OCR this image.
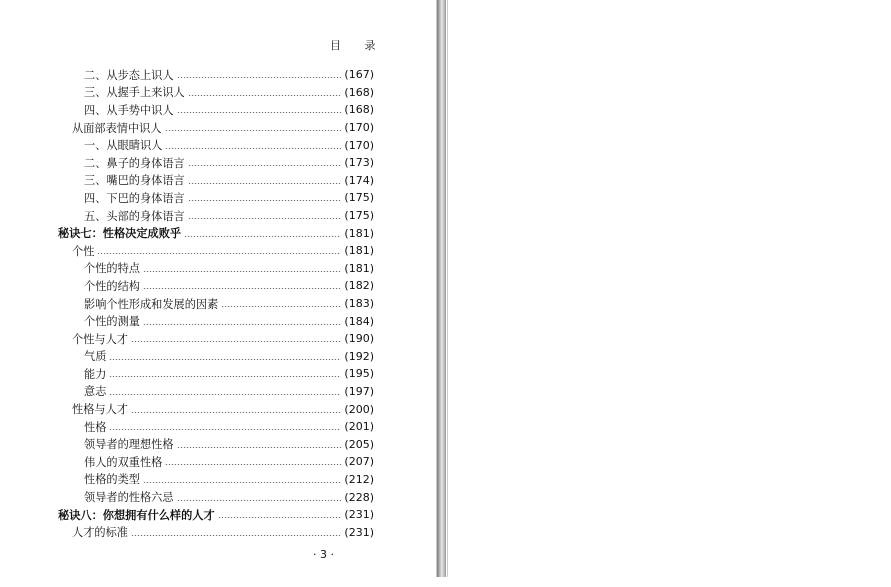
目 录
二、从步态上识人	(167)
三、从握手上来识人	(168)
四、从手势中识人	(168)
从面部表情中识人	(170)
一、从眼睛识人	(170)
二、鼻子的身体语言	(173)
三、嘴巴的身体语言	(174)
四、下巴的身体语言	(175)
五、头部的身体语言	(175)
秘诀七：性格决定成败乎	(181)
个性	(181)
个性的特点	(181)
个性的结构	(182)
影响个性形成和发展的因素	(183)
个性的测量	(184)
个性与人才	(190)
气质	(192)
能力	(195)
意志	(197)
性格与人才	(200)
性格	(201)
领导者的理想性格	(205)
伟人的双重性格	(207)
性格的类型	(212)
领导者的性格六忌	(228)
秘诀八：你想拥有什么样的人才	(231)
人才的标准	(231)
· 3 ·
